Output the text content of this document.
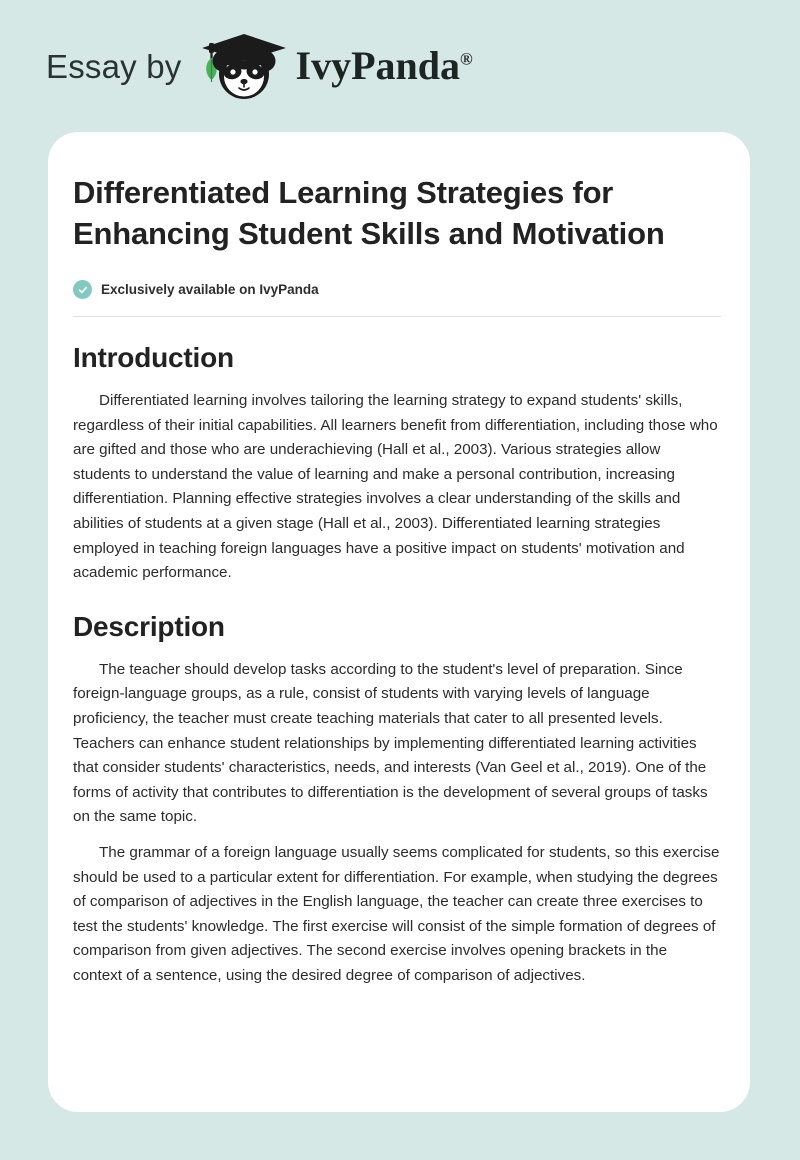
Essay by	IvyPanda®
Differentiated Learning Strategies for Enhancing Student Skills and Motivation
Exclusively available on IvyPanda
Introduction

Differentiated learning involves tailoring the learning strategy to expand students' skills, regardless of their initial capabilities. All learners benefit from differentiation, including those who are gifted and those who are underachieving (Hall et al., 2003). Various strategies allow students to understand the value of learning and make a personal contribution, increasing differentiation. Planning effective strategies involves a clear understanding of the skills and abilities of students at a given stage (Hall et al., 2003). Differentiated learning strategies employed in teaching foreign languages have a positive impact on students' motivation and academic performance.

Description

The teacher should develop tasks according to the student's level of preparation. Since foreign-language groups, as a rule, consist of students with varying levels of language proficiency, the teacher must create teaching materials that cater to all presented levels. Teachers can enhance student relationships by implementing differentiated learning activities that consider students' characteristics, needs, and interests (Van Geel et al., 2019). One of the forms of activity that contributes to differentiation is the development of several groups of tasks on the same topic.

The grammar of a foreign language usually seems complicated for students, so this exercise should be used to a particular extent for differentiation. For example, when studying the degrees of comparison of adjectives in the English language, the teacher can create three exercises to test the students' knowledge. The first exercise will consist of the simple formation of degrees of comparison from given adjectives. The second exercise involves opening brackets in the context of a sentence, using the desired degree of comparison of adjectives.
